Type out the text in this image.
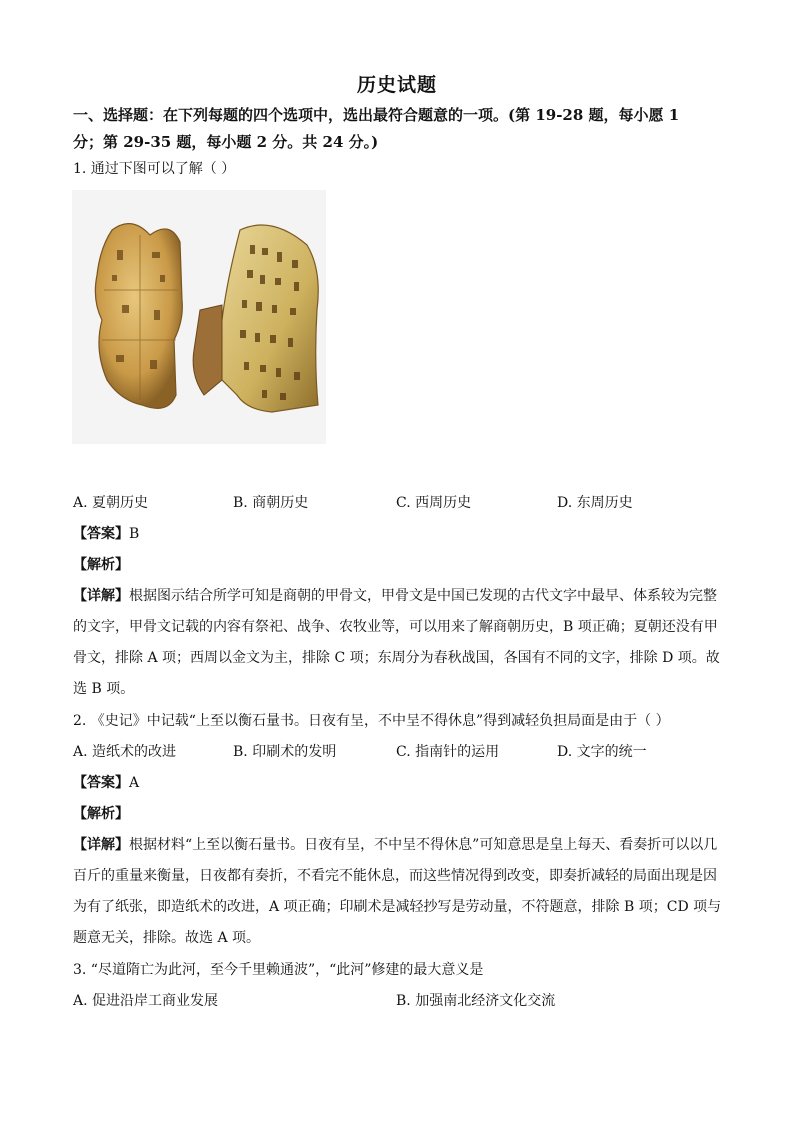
历史试题
一、选择题：在下列每题的四个选项中，选出最符合题意的一项。(第 19-28 题，每小愿 1
分；第 29-35 题，每小题 2 分。共 24 分。)
1. 通过下图可以了解（ ）
A. 夏朝历史	B. 商朝历史	C. 西周历史	D. 东周历史
【答案】B
【解析】
【详解】根据图示结合所学可知是商朝的甲骨文，甲骨文是中国已发现的古代文字中最早、体系较为完整
的文字，甲骨文记载的内容有祭祀、战争、农牧业等，可以用来了解商朝历史，B 项正确；夏朝还没有甲
骨文，排除 A 项；西周以金文为主，排除 C 项；东周分为春秋战国，各国有不同的文字，排除 D 项。故
选 B 项。
2. 《史记》中记载“上至以衡石量书。日夜有呈，不中呈不得休息”得到减轻负担局面是由于（ ）
A. 造纸术的改进	B. 印刷术的发明	C. 指南针的运用	D. 文字的统一
【答案】A
【解析】
【详解】根据材料“上至以衡石量书。日夜有呈，不中呈不得休息”可知意思是皇上每天、看奏折可以以几
百斤的重量来衡量，日夜都有奏折，不看完不能休息，而这些情况得到改变，即奏折减轻的局面出现是因
为有了纸张，即造纸术的改进，A 项正确；印刷术是减轻抄写是劳动量，不符题意，排除 B 项；CD 项与
题意无关，排除。故选 A 项。
3. “尽道隋亡为此河，至今千里赖通波”，“此河”修建的最大意义是
A. 促进沿岸工商业发展	B. 加强南北经济文化交流
